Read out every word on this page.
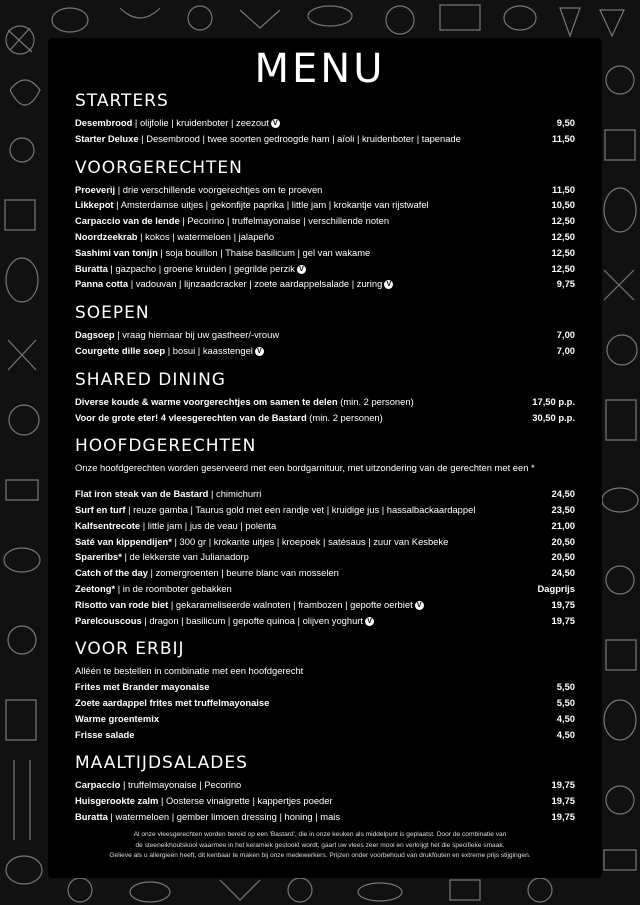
MENU
STARTERS
Desembrood | olijfolie | kruidenboter | zeezout V	9,50
Starter Deluxe | Desembrood | twee soorten gedroogde ham | aïoli | kruidenboter | tapenade	11,50
VOORGERECHTEN
Proeverij | drie verschillende voorgerechtjes om te proeven	11,50
Likkepot | Amsterdamse uitjes | gekonfijte paprika | little jam | krokantje van rijstwafel	10,50
Carpaccio van de lende | Pecorino | truffelmayonaise | verschillende noten	12,50
Noordzeekrab | kokos | watermeloen | jalapeño	12,50
Sashimi van tonijn | soja bouillon | Thaise basilicum | gel van wakame	12,50
Buratta | gazpacho | groene kruiden | gegrilde perzik V	12,50
Panna cotta | vadouvan | lijnzaadcracker | zoete aardappelsalade | zuring V	9,75
SOEPEN
Dagsoep | vraag hiernaar bij uw gastheer/-vrouw	7,00
Courgette dille soep | bosui | kaasstengel V	7,00
SHARED DINING
Diverse koude & warme voorgerechtjes om samen te delen (min. 2 personen)	17,50 p.p.
Voor de grote eter! 4 vleesgerechten van de Bastard (min. 2 personen)	30,50 p.p.
HOOFDGERECHTEN
Onze hoofdgerechten worden geserveerd met een bordgarnituur, met uitzondering van de gerechten met een *
Flat iron steak van de Bastard | chimichurri	24,50
Surf en turf | reuze gamba | Taurus gold met een randje vet | kruidige jus | hassalbackaardappel	23,50
Kalfsentrecote | little jam | jus de veau | polenta	21,00
Saté van kippendijen* | 300 gr | krokante uitjes | kroepoek | satésaus | zuur van Kesbeke	20,50
Spareribs* | de lekkerste van Julianadorp	20,50
Catch of the day | zomergroenten | beurre blanc van mosselen	24,50
Zeetong* | in de roomboter gebakken	Dagprijs
Risotto van rode biet | gekarameliseerde walnoten | frambozen | gepofte oerbiet V	19,75
Parelcouscous | dragon | basilicum | gepofte quinoa | olijven yoghurt V	19,75
VOOR ERBIJ
Alléén te bestellen in combinatie met een hoofdgerecht
Frites met Brander mayonaise	5,50
Zoete aardappel frites met truffelmayonaise	5,50
Warme groentemix	4,50
Frisse salade	4,50
MAALTIJDSALADES
Carpaccio | truffelmayonaise | Pecorino	19,75
Huisgerookte zalm | Oosterse vinaigrette | kappertjes poeder	19,75
Buratta | watermeloen | gember limoen dressing | honing | mais	19,75
Al onze vleesgerechten worden bereid op een 'Bastard', die in onze keuken als middelpunt is geplaatst. Door de combinatie van
de steeneikhoutskool waarmee in het keramiek gestookt wordt, gaart uw vlees zeer mooi en verkrijgt het die specifieke smaak.
Gelieve als u allergieën heeft, dit kenbaar te maken bij onze medewerkers. Prijzen onder voorbehoud van drukfouten en extreme prijs stijgingen.
